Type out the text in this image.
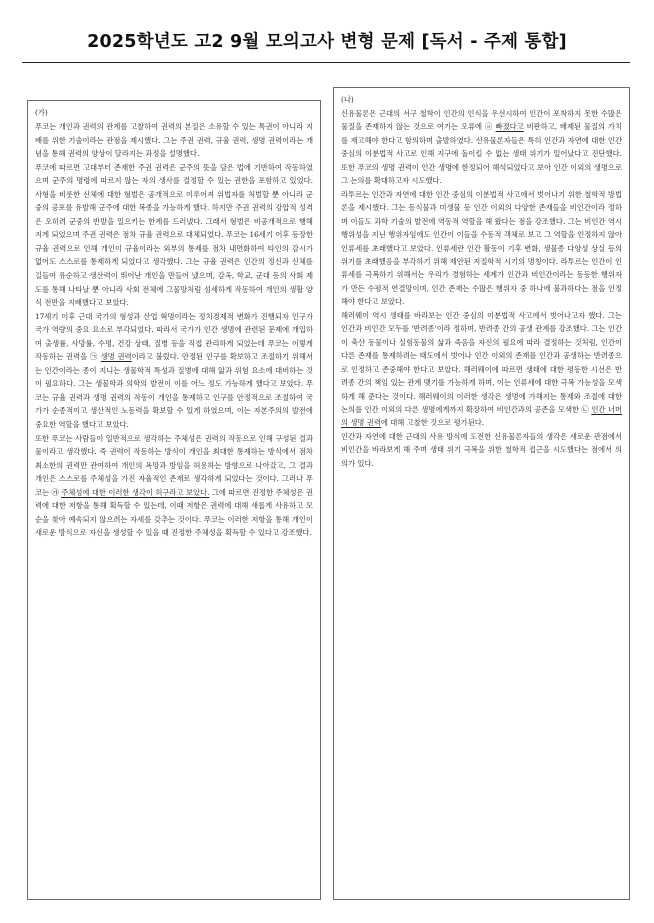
2025학년도 고2 9월 모의고사 변형 문제 [독서 - 주제 통합]
(가)

푸코는 개인과 권력의 관계를 고찰하여 권력의 본질은 소유할 수 있는 특권이 아니라 지배를 위한 기술이라는 관점을 제시했다. 그는 주권 권력, 규율 권력, 생명 권력이라는 개념을 통해 권력의 양상이 달라지는 과정을 설명했다.

푸코에 따르면 고대부터 존재한 주권 권력은 군주의 뜻을 담은 법에 기반하여 작동하였으며 군주의 명령에 따르지 않는 자의 생사를 결정할 수 있는 권한을 포함하고 있었다. 사형을 비롯한 신체에 대한 형벌은 공개적으로 이루어져 위법자를 처벌할 뿐 아니라 군중의 공포를 유발해 군주에 대한 복종을 가능하게 했다. 하지만 주권 권력의 강압적 성격은 오히려 군중의 반발을 일으키는 한계를 드러냈다. 그래서 형벌은 비공개적으로 행해지게 되었으며 주권 권력은 점차 규율 권력으로 대체되었다. 푸코는 16세기 이후 등장한 규율 권력으로 인해 개인이 규율이라는 외부의 통제를 점차 내면화하여 타인의 감시가 없어도 스스로를 통제하게 되었다고 생각했다. 그는 규율 권력은 인간의 정신과 신체를 길들여 유순하고 생산력이 뛰어난 개인을 만들어 냈으며, 감옥, 학교, 군대 등의 사회 제도를 통해 나타날 뿐 아니라 사회 전체에 그물망처럼 섬세하게 작동하여 개인의 생활 양식 전반을 지배했다고 보았다.

17세기 이후 근대 국가의 형성과 산업 혁명이라는 정치경제적 변화가 진행되자 인구가 국가 역량의 중요 요소로 부각되었다. 따라서 국가가 인간 생명에 관련된 문제에 개입하여 출생률, 사망률, 수명, 건강 상태, 질병 등을 직접 관리하게 되었는데 푸코는 이렇게 작동하는 권력을 ㉠ 생명 권력이라고 불렀다. 안정된 인구를 확보하고 조절하기 위해서는 인간이라는 종이 지니는 생물학적 특성과 질병에 대해 앎과 위험 요소에 대비하는 것이 필요하다. 그는 생물학과 의학의 발전이 이를 어느 정도 가능하게 했다고 보았다. 푸코는 규율 권력과 생명 권력의 작동이 개인을 통제하고 인구를 안정적으로 조절하여 국가가 순종적이고 생산적인 노동력을 확보할 수 있게 하였으며, 이는 자본주의의 발전에 중요한 역할을 했다고 보았다.

또한 푸코는 사람들이 일반적으로 생각하는 주체성은 권력의 작동으로 인해 구성된 결과물이라고 생각했다. 즉 권력이 작동하는 방식이 개인을 최대한 통제하는 방식에서 점차 최소한의 권력만 관여하여 개인의 욕망과 방임을 허용하는 방향으로 나아갔고, 그 결과 개인은 스스로를 주체성을 가진 자율적인 존재로 생각하게 되었다는 것이다. 그러나 푸코는 ㉮ 주체성에 대한 이러한 생각이 허구라고 보았다. 그에 따르면 진정한 주체성은 권력에 대한 저항을 통해 획득할 수 있는데, 이때 저항은 권력에 대해 새롭게 사유하고 모순을 찾아 예속되지 않으려는 자세를 갖추는 것이다. 푸코는 이러한 저항을 통해 개인이 새로운 방식으로 자신을 생성할 수 있을 때 진정한 주체성을 획득할 수 있다고 강조했다.

(나)

신유물론은 근대의 서구 철학이 인간의 인식을 우선시하여 인간이 포착하지 못한 수많은 물질을 존재하지 않는 것으로 여기는 오류에 ⓐ 빠졌다고 비판하고, 배제된 물질의 가치를 재고해야 한다고 함의하며 출발하였다. 신유물론자들은 특히 인간과 자연에 대한 인간 중심의 이분법적 사고로 인해 지구에 돌이킬 수 없는 생태 위기가 일어났다고 진단했다. 또한 푸코의 생명 권력이 인간 생명에 한정되어 해석되었다고 보아 인간 이외의 생명으로 그 논의를 확대하고자 시도했다.

라투르는 인간과 자연에 대한 인간 중심의 이분법적 사고에서 벗어나기 위한 철학적 방법론을 제시했다. 그는 동식물과 미생물 등 인간 이외의 다양한 존재들을 비인간이라 정하며 이들도 과학 기술의 발전에 역동적 역할을 해 왔다는 점을 강조했다. 그는 비인간 역시 행위성을 지닌 행위자임에도 인간이 이들을 수동적 객체로 보고 그 역할을 인정하지 않아 인류세를 초래했다고 보았다. 인류세란 인간 활동이 기후 변화, 생물종 다양성 상실 등의 위기를 초래했음을 부각하기 위해 제안된 지질학적 시기의 명칭이다. 라투르는 인간이 인류세를 극복하기 위해서는 우리가 경험하는 세계가 인간과 비인간이라는 동등한 행위자가 만든 수평적 연결망이며, 인간 존재는 수많은 행위자 중 하나에 불과하다는 점을 인정해야 한다고 보았다.

해러웨이 역시 생태를 바라보는 인간 중심의 이분법적 사고에서 벗어나고자 했다. 그는 인간과 비인간 모두를 '반려종'이라 정하며, 반려종 간의 공생 관계를 강조했다. 그는 인간이 축산 동물이나 실험동물의 삶과 죽음을 자신의 필요에 따라 결정하는 것처럼, 인간이 다른 존재를 통제하려는 태도에서 벗어나 인간 이외의 존재를 인간과 공생하는 반려종으로 인정하고 존중해야 한다고 보았다. 해러웨이에 따르면 생태에 대한 평등한 시선은 반려종 간의 책임 있는 관계 맺기를 가능하게 하며, 이는 인류세에 대한 극복 가능성을 모색하게 해 준다는 것이다. 해러웨이의 이러한 생각은 생명에 가해지는 통제와 조절에 대한 논의를 인간 이외의 다른 생명에게까지 확장하여 비인간과의 공존을 모색한 ㉡ 인간 너머의 생명 권력에 대해 고찰한 것으로 평가된다.

인간과 자연에 대한 근대의 사유 방식에 도전한 신유물론자들의 생각은 새로운 관점에서 비인간을 바라보게 해 주며 생태 위기 극복을 위한 철학적 접근을 시도했다는 점에서 의의가 있다.
